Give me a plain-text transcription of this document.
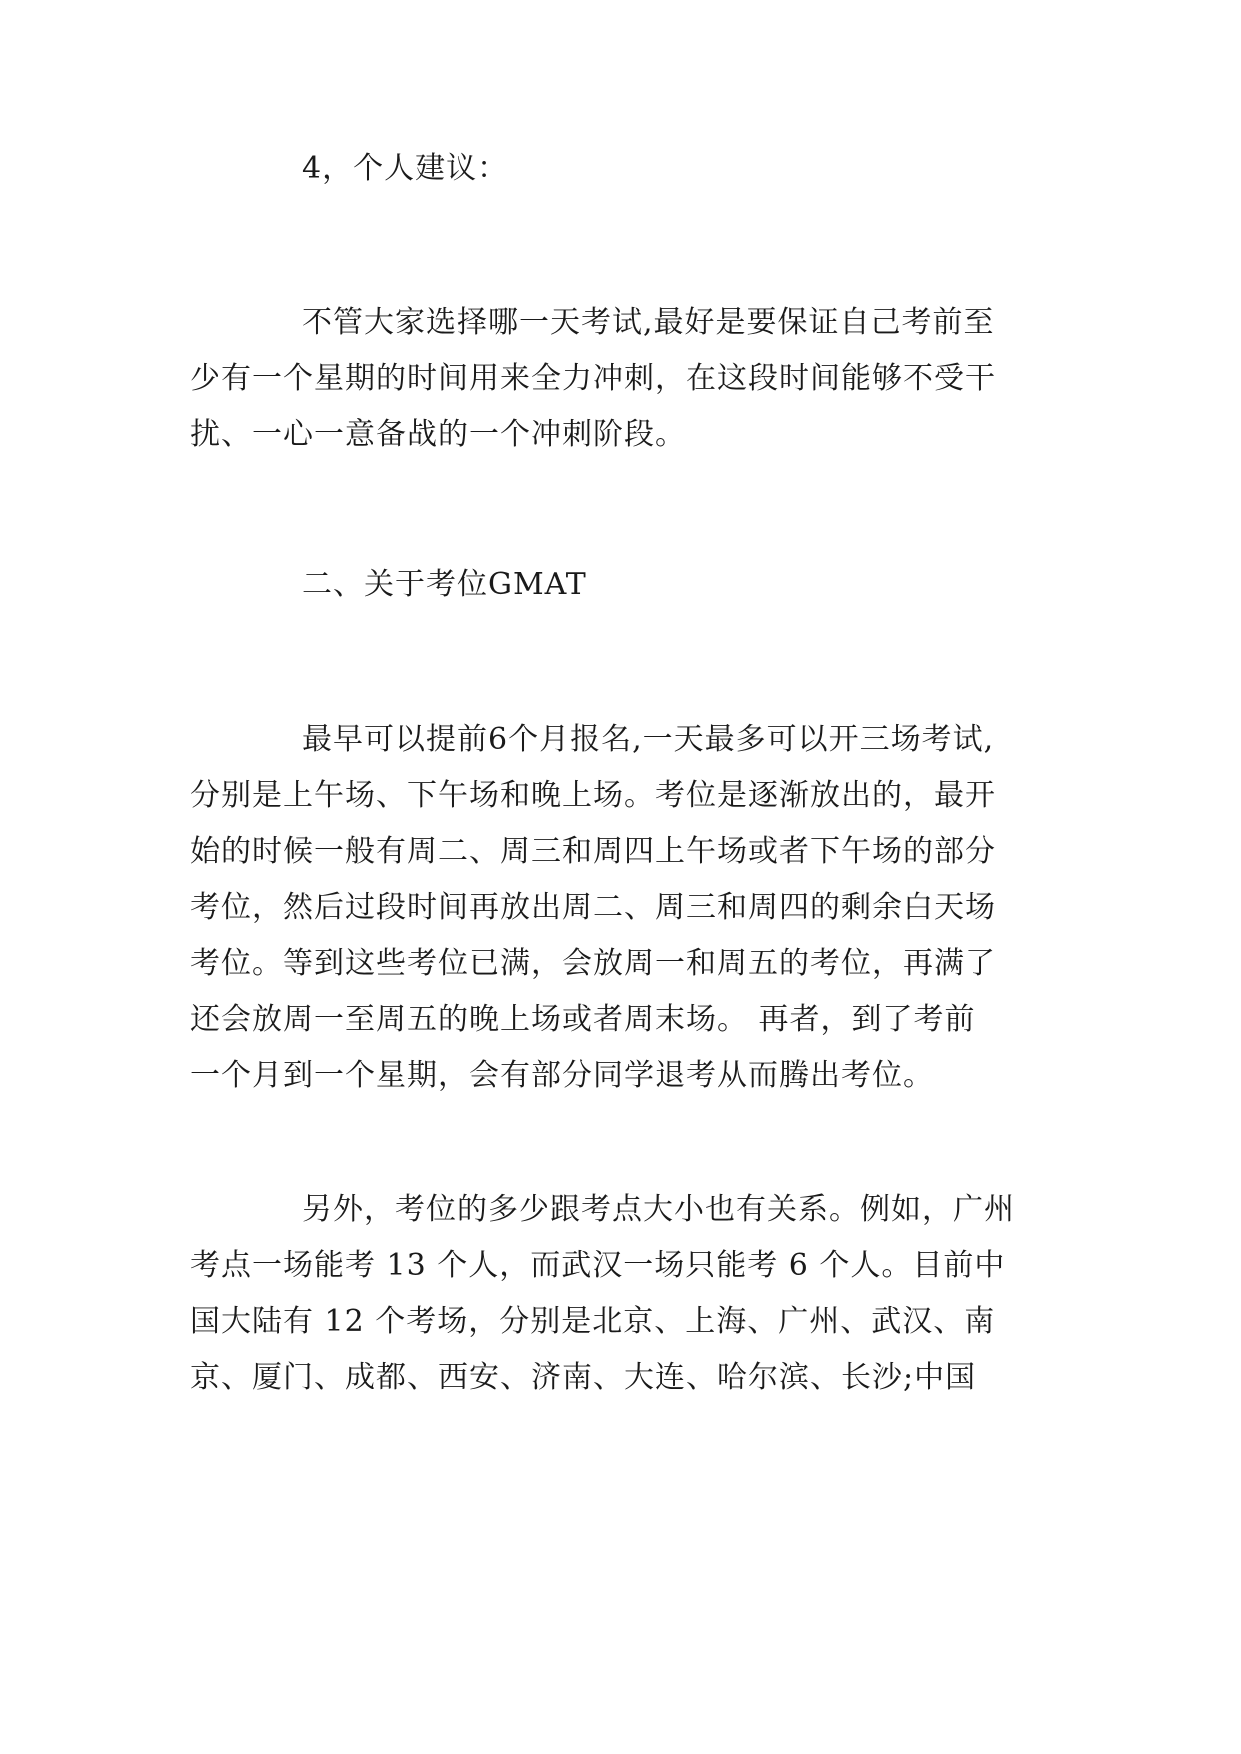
4，个人建议：

不管大家选择哪一天考试,最好是要保证自己考前至
少有一个星期的时间用来全力冲刺，在这段时间能够不受干
扰、一心一意备战的一个冲刺阶段。

二、关于考位GMAT

最早可以提前6个月报名,一天最多可以开三场考试,
分别是上午场、下午场和晚上场。考位是逐渐放出的，最开
始的时候一般有周二、周三和周四上午场或者下午场的部分
考位，然后过段时间再放出周二、周三和周四的剩余白天场
考位。等到这些考位已满，会放周一和周五的考位，再满了
还会放周一至周五的晚上场或者周末场。 再者，到了考前
一个月到一个星期，会有部分同学退考从而腾出考位。

另外，考位的多少跟考点大小也有关系。例如，广州
考点一场能考 13 个人，而武汉一场只能考 6 个人。目前中
国大陆有 12 个考场，分别是北京、上海、广州、武汉、南
京、厦门、成都、西安、济南、大连、哈尔滨、长沙;中国
